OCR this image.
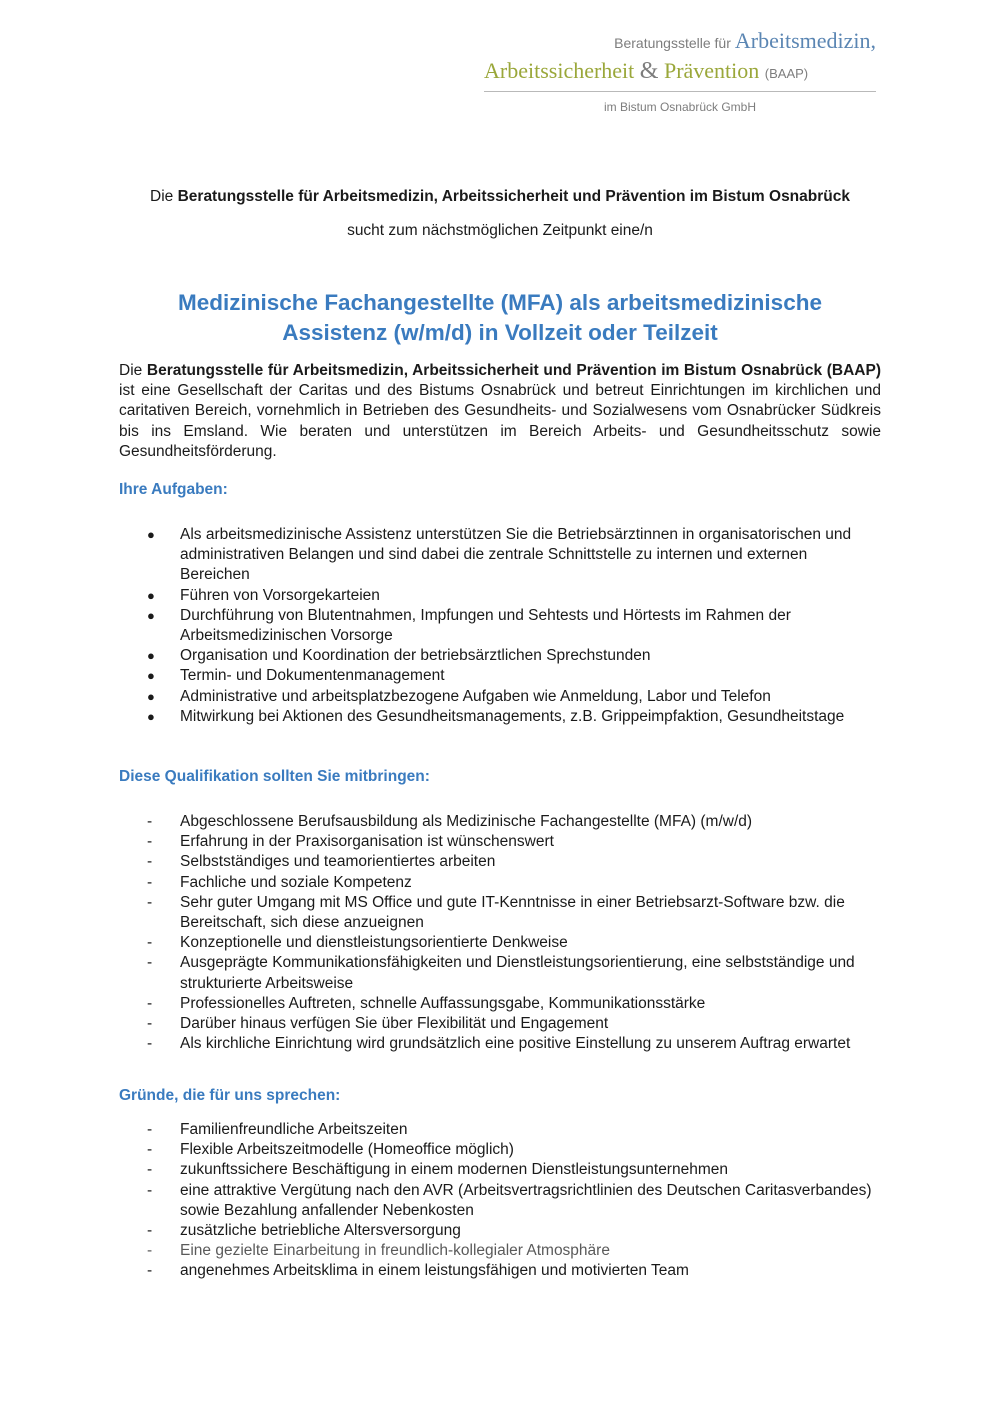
Beratungsstelle für Arbeitsmedizin,
Arbeitssicherheit & Prävention (BAAP)
im Bistum Osnabrück GmbH
Die Beratungsstelle für Arbeitsmedizin, Arbeitssicherheit und Prävention im Bistum Osnabrück
sucht zum nächstmöglichen Zeitpunkt eine/n
Medizinische Fachangestellte (MFA) als arbeitsmedizinische
Assistenz (w/m/d) in Vollzeit oder Teilzeit
Die Beratungsstelle für Arbeitsmedizin, Arbeitssicherheit und Prävention im Bistum Osnabrück (BAAP) ist eine Gesellschaft der Caritas und des Bistums Osnabrück und betreut Einrichtungen im kirchlichen und caritativen Bereich, vornehmlich in Betrieben des Gesundheits- und Sozialwesens vom Osnabrücker Südkreis bis ins Emsland. Wie beraten und unterstützen im Bereich Arbeits- und Gesundheitsschutz sowie Gesundheitsförderung.
Ihre Aufgaben:
●	Als arbeitsmedizinische Assistenz unterstützen Sie die Betriebsärztinnen in organisatorischen und administrativen Belangen und sind dabei die zentrale Schnittstelle zu internen und externen Bereichen
●	Führen von Vorsorgekarteien
●	Durchführung von Blutentnahmen, Impfungen und Sehtests und Hörtests im Rahmen der Arbeitsmedizinischen Vorsorge
●	Organisation und Koordination der betriebsärztlichen Sprechstunden
●	Termin- und Dokumentenmanagement
●	Administrative und arbeitsplatzbezogene Aufgaben wie Anmeldung, Labor und Telefon
●	Mitwirkung bei Aktionen des Gesundheitsmanagements, z.B. Grippeimpfaktion, Gesundheitstage
Diese Qualifikation sollten Sie mitbringen:
-	Abgeschlossene Berufsausbildung als Medizinische Fachangestellte (MFA) (m/w/d)
-	Erfahrung in der Praxisorganisation ist wünschenswert
-	Selbstständiges und teamorientiertes arbeiten
-	Fachliche und soziale Kompetenz
-	Sehr guter Umgang mit MS Office und gute IT-Kenntnisse in einer Betriebsarzt-Software bzw. die Bereitschaft, sich diese anzueignen
-	Konzeptionelle und dienstleistungsorientierte Denkweise
-	Ausgeprägte Kommunikationsfähigkeiten und Dienstleistungsorientierung, eine selbstständige und strukturierte Arbeitsweise
-	Professionelles Auftreten, schnelle Auffassungsgabe, Kommunikationsstärke
-	Darüber hinaus verfügen Sie über Flexibilität und Engagement
-	Als kirchliche Einrichtung wird grundsätzlich eine positive Einstellung zu unserem Auftrag erwartet
Gründe, die für uns sprechen:
-	Familienfreundliche Arbeitszeiten
-	Flexible Arbeitszeitmodelle (Homeoffice möglich)
-	zukunftssichere Beschäftigung in einem modernen Dienstleistungsunternehmen
-	eine attraktive Vergütung nach den AVR (Arbeitsvertragsrichtlinien des Deutschen Caritasverbandes) sowie Bezahlung anfallender Nebenkosten
-	zusätzliche betriebliche Altersversorgung
-	Eine gezielte Einarbeitung in freundlich-kollegialer Atmosphäre
-	angenehmes Arbeitsklima in einem leistungsfähigen und motivierten Team
